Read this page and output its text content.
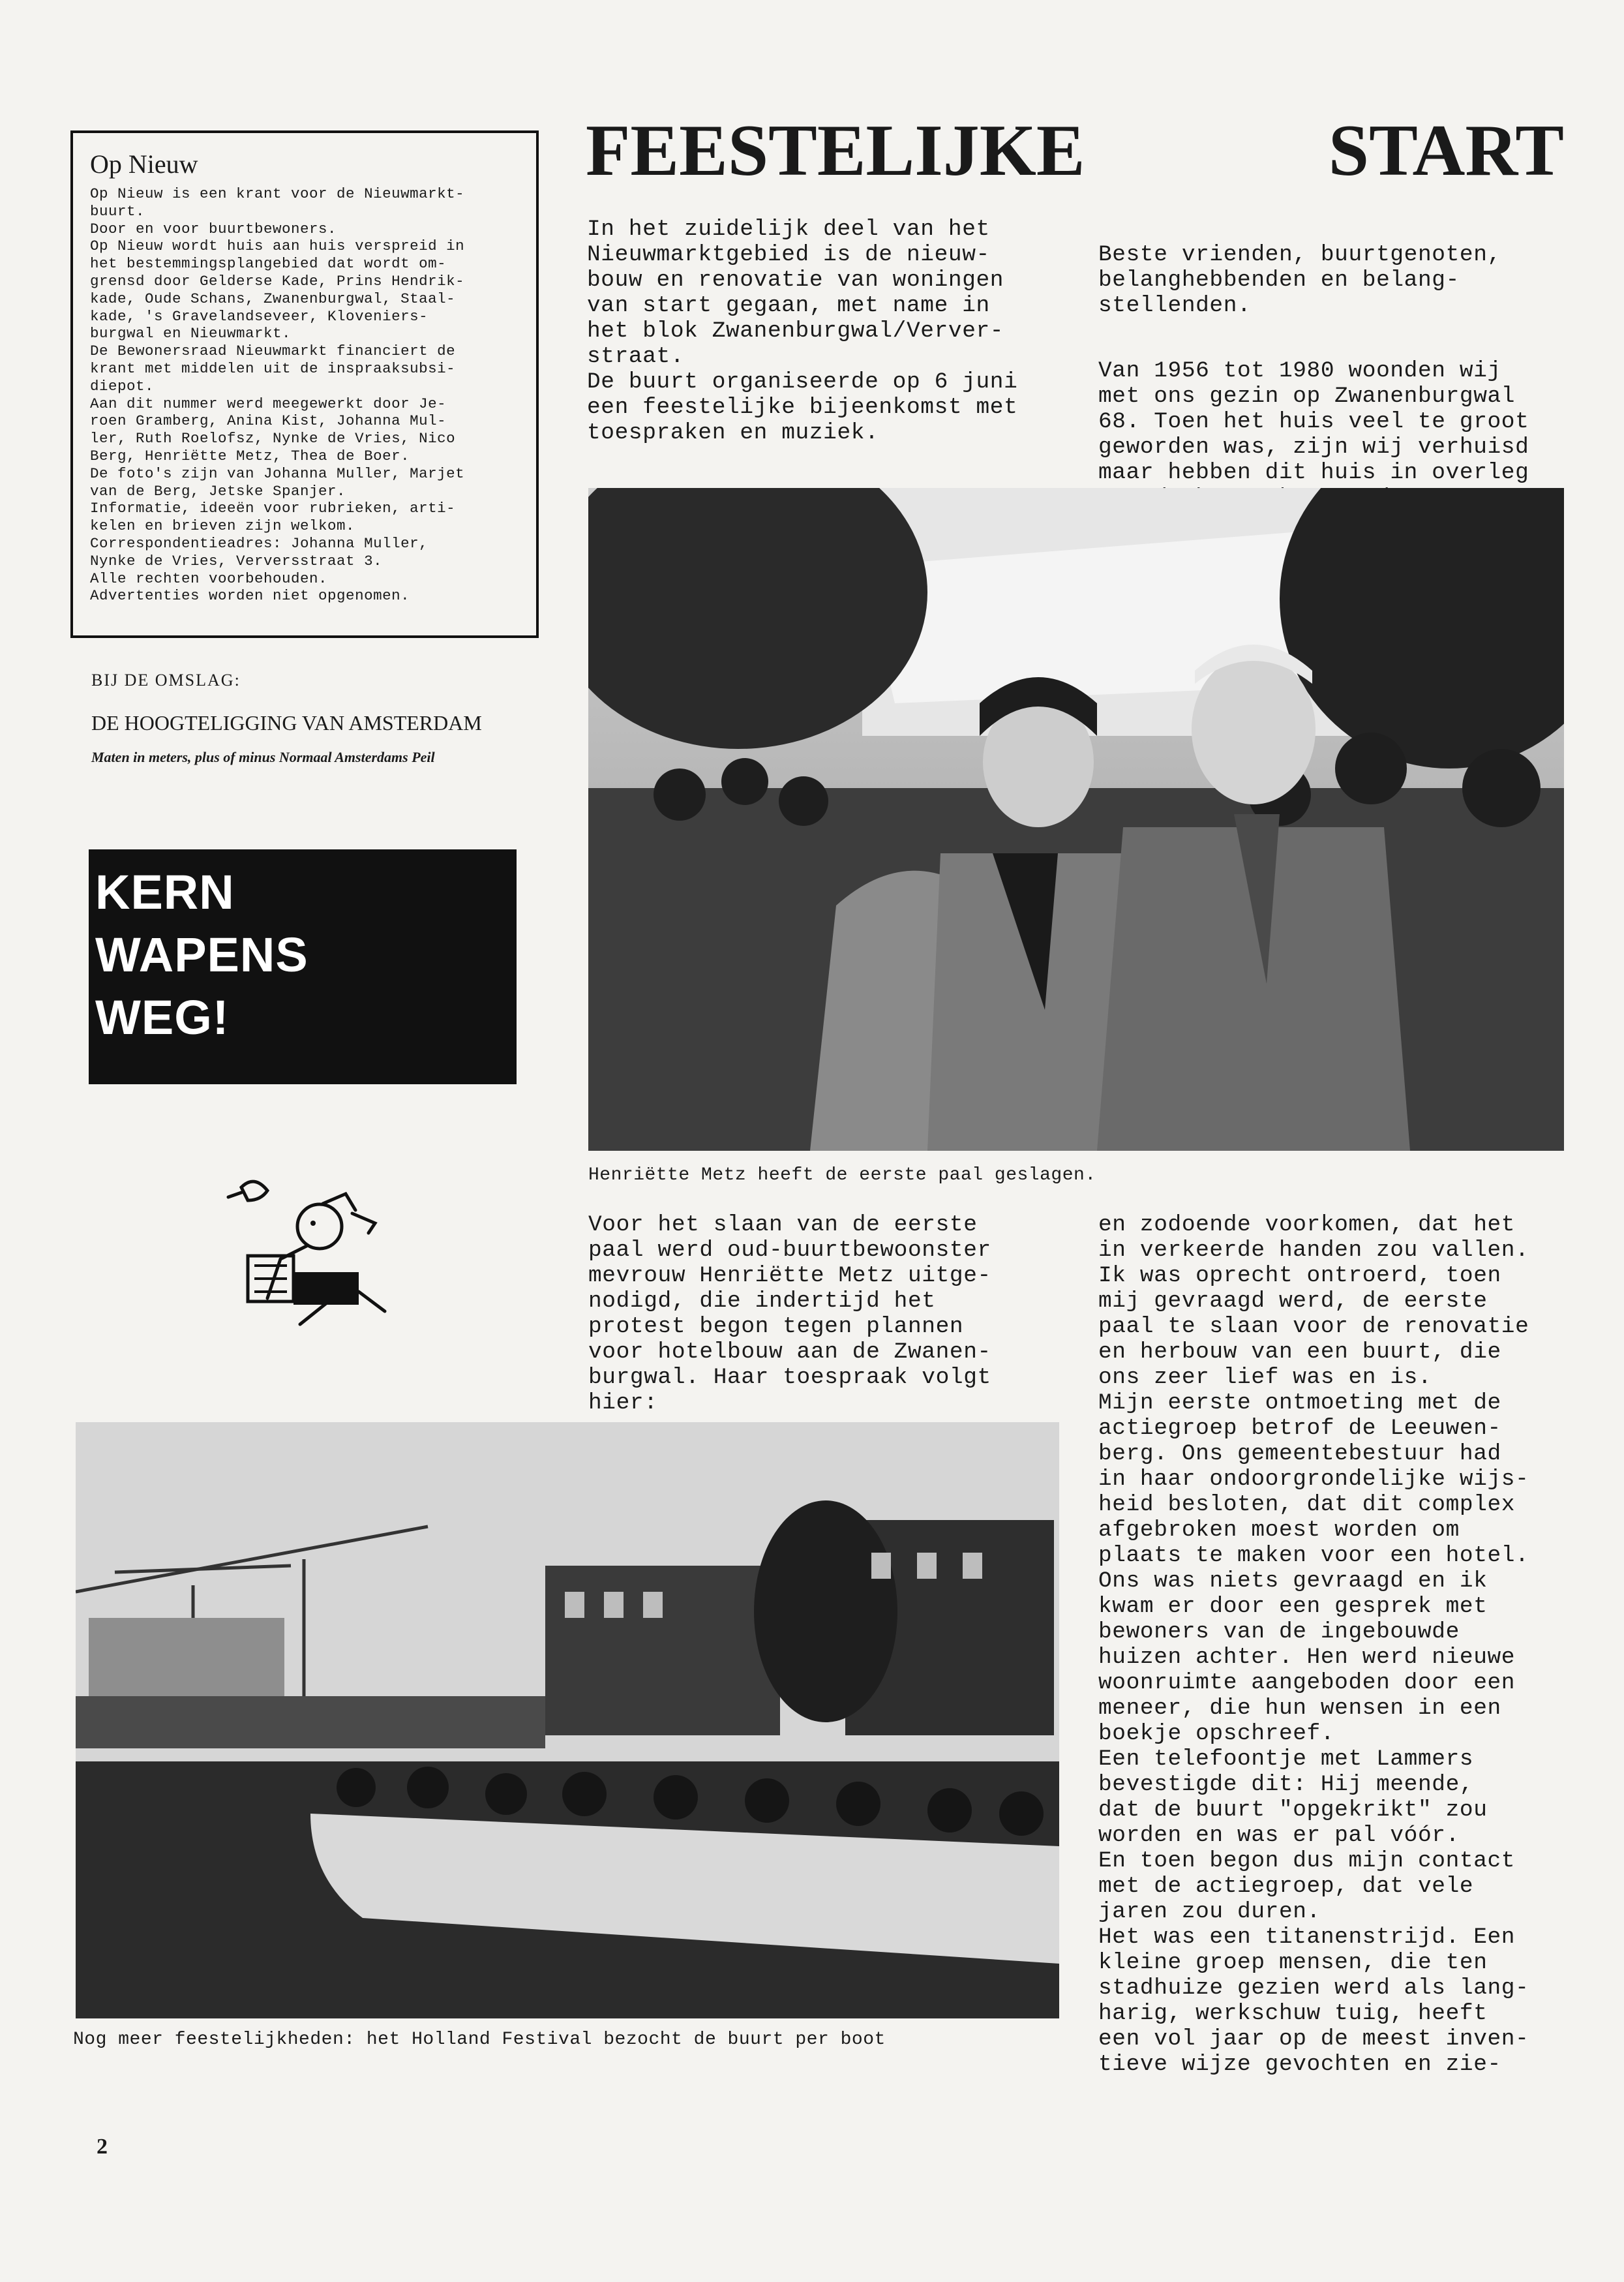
Op Nieuw

Op Nieuw is een krant voor de Nieuwmarkt-
buurt.
Door en voor buurtbewoners.
Op Nieuw wordt huis aan huis verspreid in
het bestemmingsplangebied dat wordt om-
grensd door Gelderse Kade, Prins Hendrik-
kade, Oude Schans, Zwanenburgwal, Staal-
kade, 's Gravelandseveer, Kloveniers-
burgwal en Nieuwmarkt.
De Bewonersraad Nieuwmarkt financiert de
krant met middelen uit de inspraaksubsi-
diepot.
Aan dit nummer werd meegewerkt door Je-
roen Gramberg, Anina Kist, Johanna Mul-
ler, Ruth Roelofsz, Nynke de Vries, Nico
Berg, Henriëtte Metz, Thea de Boer.
De foto's zijn van Johanna Muller, Marjet
van de Berg, Jetske Spanjer.
Informatie, ideeën voor rubrieken, arti-
kelen en brieven zijn welkom.
Correspondentieadres: Johanna Muller,
Nynke de Vries, Verversstraat 3.
Alle rechten voorbehouden.
Advertenties worden niet opgenomen.

BIJ DE OMSLAG:
DE HOOGTELIGGING VAN AMSTERDAM
Maten in meters, plus of minus Normaal Amsterdams Peil
KERN
WAPENS
WEG!
FEESTELIJKE	START
In het zuidelijk deel van het
Nieuwmarktgebied is de nieuw-
bouw en renovatie van woningen
van start gegaan, met name in
het blok Zwanenburgwal/Verver-
straat.
De buurt organiseerde op 6 juni
een feestelijke bijeenkomst met
toespraken en muziek.

Beste vrienden, buurtgenoten,
belanghebbenden en belang-
stellenden.

Van 1956 tot 1980 woonden wij
met ons gezin op Zwanenburgwal
68. Toen het huis veel te groot
geworden was, zijn wij verhuisd
maar hebben dit huis in overleg

Henriëtte Metz heeft de eerste paal geslagen.
Voor het slaan van de eerste
paal werd oud-buurtbewoonster
mevrouw Henriëtte Metz uitge-
nodigd, die indertijd het
protest begon tegen plannen
voor hotelbouw aan de Zwanen-
burgwal. Haar toespraak volgt
hier:
en zodoende voorkomen, dat het
in verkeerde handen zou vallen.
Ik was oprecht ontroerd, toen
mij gevraagd werd, de eerste
paal te slaan voor de renovatie
en herbouw van een buurt, die
ons zeer lief was en is.
Mijn eerste ontmoeting met de
actiegroep betrof de Leeuwen-
berg. Ons gemeentebestuur had
in haar ondoorgrondelijke wijs-
heid besloten, dat dit complex
afgebroken moest worden om
plaats te maken voor een hotel.
Ons was niets gevraagd en ik
kwam er door een gesprek met
bewoners van de ingebouwde
huizen achter. Hen werd nieuwe
woonruimte aangeboden door een
meneer, die hun wensen in een
boekje opschreef.
Een telefoontje met Lammers
bevestigde dit: Hij meende,
dat de buurt "opgekrikt" zou
worden en was er pal vóór.
En toen begon dus mijn contact
met de actiegroep, dat vele
jaren zou duren.
Het was een titanenstrijd. Een
kleine groep mensen, die ten
stadhuize gezien werd als lang-
harig, werkschuw tuig, heeft
een vol jaar op de meest inven-
tieve wijze gevochten en zie-
Nog meer feestelijkheden: het Holland Festival bezocht de buurt per boot
2
